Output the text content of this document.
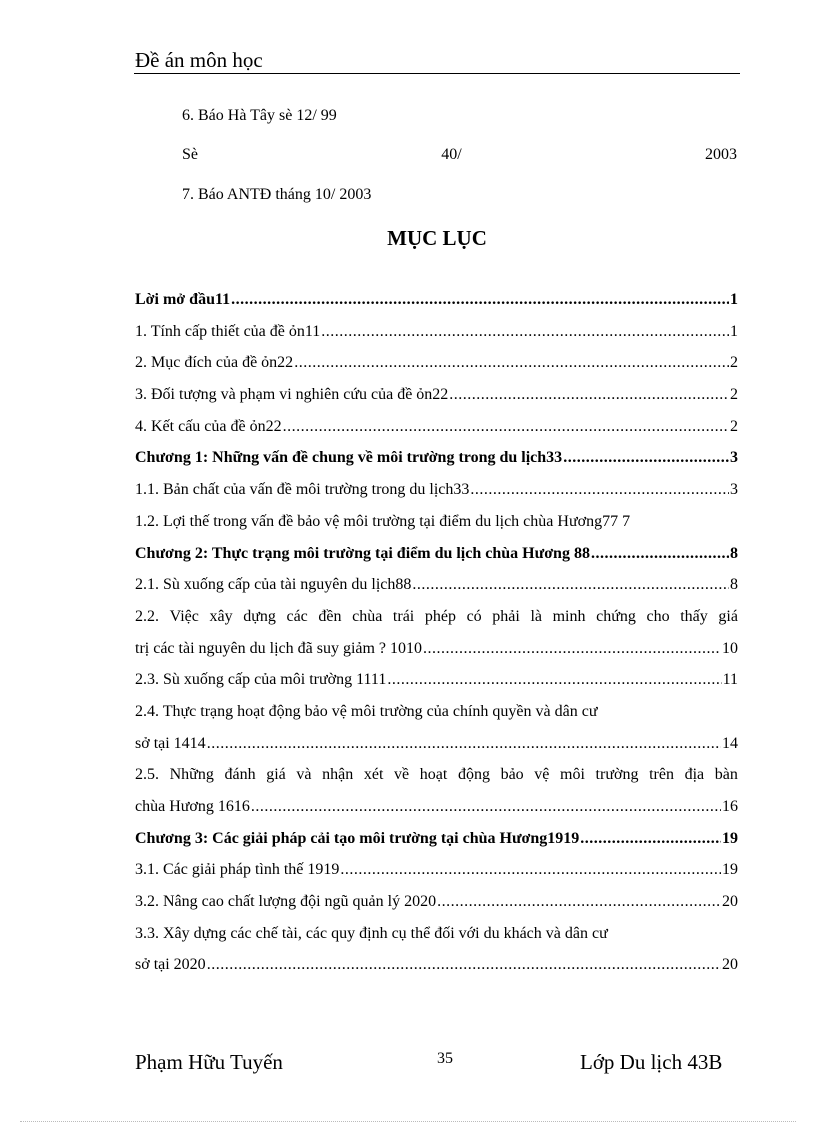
Đề án môn học
6. Báo Hà Tây sè 12/ 99
Sè	40/	2003
7. Báo ANTĐ tháng 10/ 2003
MỤC LỤC
Lời mở đầu11 .....	1
1. Tính cấp thiết của đề ỏn11 .....	1
2. Mục đích của đề ỏn22 .....	2
3. Đối tượng và phạm vi nghiên cứu của đề ỏn22 .....	2
4. Kết cấu của đề ỏn22 .....	2
Chương 1: Những vấn đề chung về môi trường trong du lịch33 .....	3
1.1. Bản chất của vấn đề môi trường trong du lịch33 .....	3
1.2. Lợi thế trong vấn đề bảo vệ môi trường tại điểm du lịch chùa Hương77 7
Chương 2: Thực trạng môi trường tại điểm du lịch chùa Hương 88 .....	8
2.1. Sù xuống cấp của tài nguyên du lịch88 .....	8
2.2. Việc xây dựng các đền chùa trái phép có phải là minh chứng cho thấy giá
trị các tài nguyên du lịch đã suy giảm ? 1010 .....	10
2.3. Sù xuống cấp của môi trường 1111 .....	11
2.4. Thực trạng hoạt động bảo vệ môi trường của chính quyền và dân cư
sở tại 1414 .....	14
2.5. Những đánh giá và nhận xét về hoạt động bảo vệ môi trường trên địa bàn
chùa Hương 1616 .....	16
Chương 3: Các giải pháp cải tạo môi trường tại chùa Hương1919 .....	19
3.1. Các giải pháp tình thế 1919 .....	19
3.2. Nâng cao chất lượng đội ngũ quản lý 2020 .....	20
3.3. Xây dựng các chế tài, các quy định cụ thể đối với du khách và dân cư
sở tại 2020 .....	20
Phạm Hữu Tuyến	35	Lớp Du lịch 43B
